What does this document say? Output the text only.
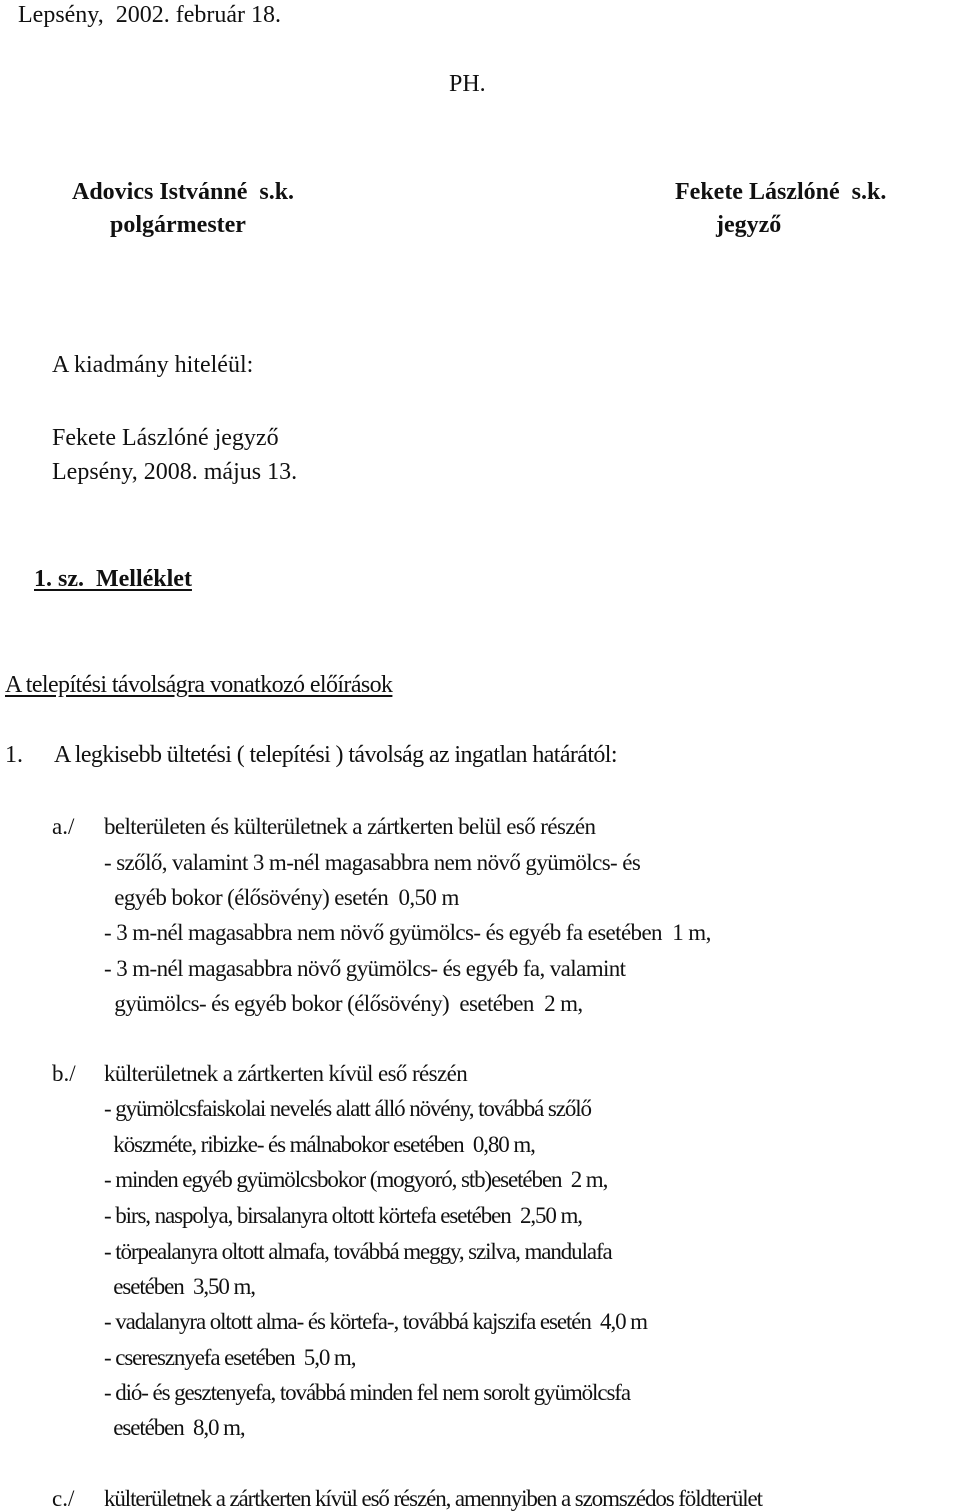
Lepsény,  2002. február 18.
PH.
Adovics Istvánné  s.k.
polgármester
Fekete Lászlóné  s.k.
jegyző
A kiadmány hiteléül:
Fekete Lászlóné jegyző
Lepsény, 2008. május 13.
1. sz.  Melléklet
A telepítési távolságra vonatkozó előírások
1. A legkisebb ültetési ( telepítési ) távolság az ingatlan határától:
a./ belterületen és külterületnek a zártkerten belül eső részén
- szőlő, valamint 3 m-nél magasabbra nem növő gyümölcs- és
egyéb bokor (élősövény) esetén  0,50 m
- 3 m-nél magasabbra nem növő gyümölcs- és egyéb fa esetében  1 m,
- 3 m-nél magasabbra növő gyümölcs- és egyéb fa, valamint
gyümölcs- és egyéb bokor (élősövény)  esetében  2 m,
b./ külterületnek a zártkerten kívül eső részén
- gyümölcsfaiskolai nevelés alatt álló növény, továbbá szőlő
köszméte, ribizke- és málnabokor esetében  0,80 m,
- minden egyéb gyümölcsbokor (mogyoró, stb)esetében  2 m,
- birs, naspolya, birsalanyra oltott körtefa esetében  2,50 m,
- törpealanyra oltott almafa, továbbá meggy, szilva, mandulafa
esetében  3,50 m,
- vadalanyra oltott alma- és körtefa-, továbbá kajszifa esetén  4,0 m
- cseresznyefa esetében  5,0 m,
- dió- és gesztenyefa, továbbá minden fel nem sorolt gyümölcsfa
esetében  8,0 m,
c./ külterületnek a zártkerten kívül eső részén, amennyiben a szomszédos földterület
